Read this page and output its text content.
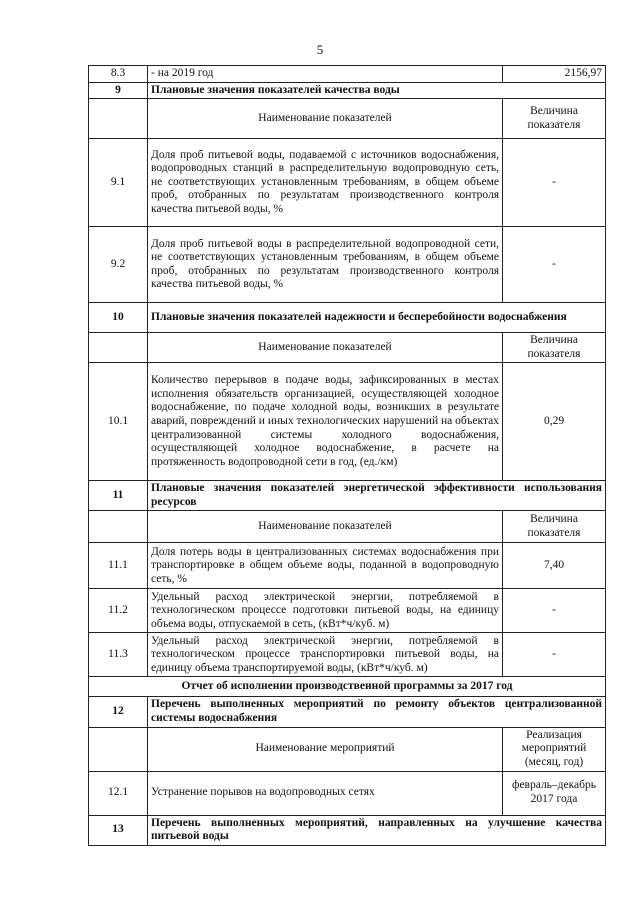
5
8.3	- на 2019 год	2156,97
9	Плановые значения показателей качества воды	
	Наименование показателей	Величина показателя
9.1	Доля проб питьевой воды, подаваемой с источников водоснабжения, водопроводных станций в распределительную водопроводную сеть, не соответствующих установленным требованиям, в общем объеме проб, отобранных по результатам производственного контроля качества питьевой воды, %	-
9.2	Доля проб питьевой воды в распределительной водопроводной сети, не соответствующих установленным требованиям, в общем объеме проб, отобранных по результатам производственного контроля качества питьевой воды, %	-
10	Плановые значения показателей надежности и бесперебойности водоснабжения	
	Наименование показателей	Величина показателя
10.1	Количество перерывов в подаче воды, зафиксированных в местах исполнения обязательств организацией, осуществляющей холодное водоснабжение, по подаче холодной воды, возникших в результате аварий, повреждений и иных технологических нарушений на объектах централизованной системы холодного водоснабжения, осуществляющей холодное водоснабжение, в расчете на протяженность водопроводной сети в год, (ед./км)	0,29
11	Плановые значения показателей энергетической эффективности использования ресурсов	
	Наименование показателей	Величина показателя
11.1	Доля потерь воды в централизованных системах водоснабжения при транспортировке в общем объеме воды, поданной в водопроводную сеть, %	7,40
11.2	Удельный расход электрической энергии, потребляемой в технологическом процессе подготовки питьевой воды, на единицу объема воды, отпускаемой в сеть, (кВт*ч/куб. м)	-
11.3	Удельный расход электрической энергии, потребляемой в технологическом процессе транспортировки питьевой воды, на единицу объема транспортируемой воды, (кВт*ч/куб. м)	-
Отчет об исполнении производственной программы за 2017 год		
12	Перечень выполненных мероприятий по ремонту объектов централизованной системы водоснабжения	
	Наименование мероприятий	Реализация мероприятий (месяц, год)
12.1	Устранение порывов на водопроводных сетях	февраль–декабрь 2017 года
13	Перечень выполненных мероприятий, направленных на улучшение качества питьевой воды	
